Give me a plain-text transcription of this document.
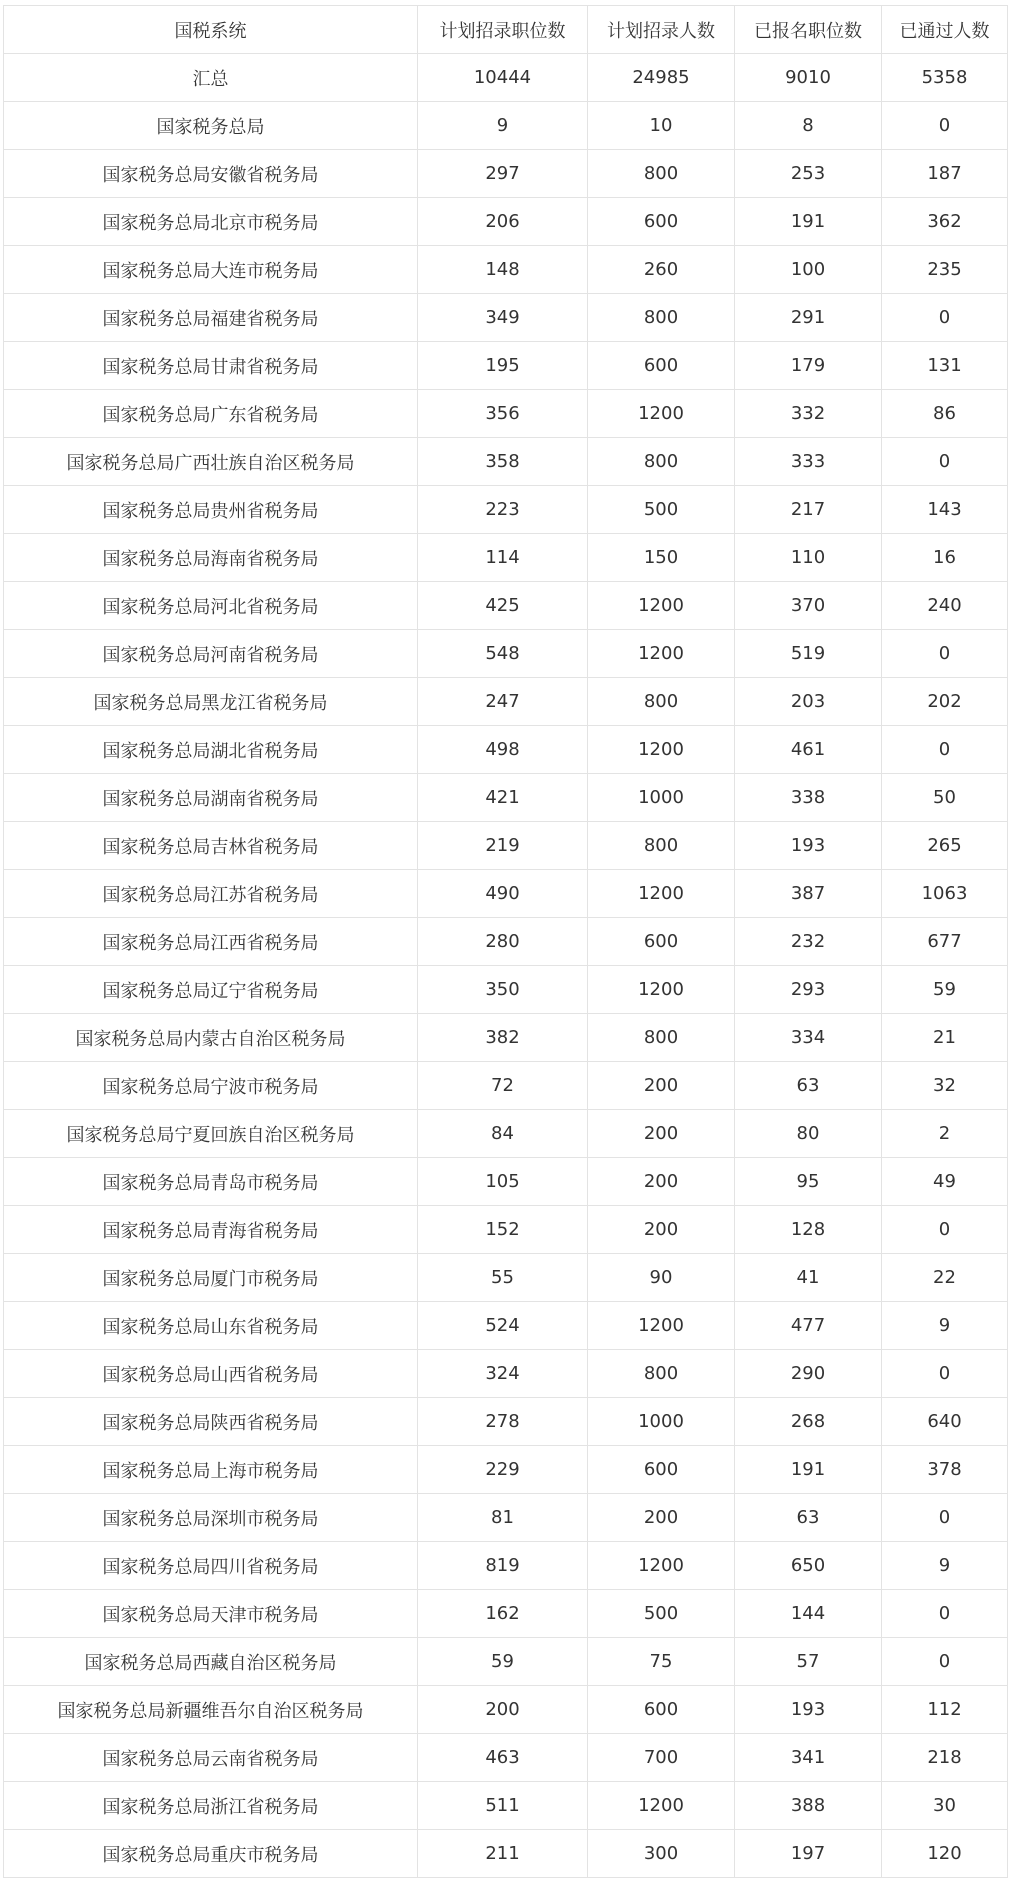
国税系统	计划招录职位数	计划招录人数	已报名职位数	已通过人数
汇总	10444	24985	9010	5358
国家税务总局	9	10	8	0
国家税务总局安徽省税务局	297	800	253	187
国家税务总局北京市税务局	206	600	191	362
国家税务总局大连市税务局	148	260	100	235
国家税务总局福建省税务局	349	800	291	0
国家税务总局甘肃省税务局	195	600	179	131
国家税务总局广东省税务局	356	1200	332	86
国家税务总局广西壮族自治区税务局	358	800	333	0
国家税务总局贵州省税务局	223	500	217	143
国家税务总局海南省税务局	114	150	110	16
国家税务总局河北省税务局	425	1200	370	240
国家税务总局河南省税务局	548	1200	519	0
国家税务总局黑龙江省税务局	247	800	203	202
国家税务总局湖北省税务局	498	1200	461	0
国家税务总局湖南省税务局	421	1000	338	50
国家税务总局吉林省税务局	219	800	193	265
国家税务总局江苏省税务局	490	1200	387	1063
国家税务总局江西省税务局	280	600	232	677
国家税务总局辽宁省税务局	350	1200	293	59
国家税务总局内蒙古自治区税务局	382	800	334	21
国家税务总局宁波市税务局	72	200	63	32
国家税务总局宁夏回族自治区税务局	84	200	80	2
国家税务总局青岛市税务局	105	200	95	49
国家税务总局青海省税务局	152	200	128	0
国家税务总局厦门市税务局	55	90	41	22
国家税务总局山东省税务局	524	1200	477	9
国家税务总局山西省税务局	324	800	290	0
国家税务总局陕西省税务局	278	1000	268	640
国家税务总局上海市税务局	229	600	191	378
国家税务总局深圳市税务局	81	200	63	0
国家税务总局四川省税务局	819	1200	650	9
国家税务总局天津市税务局	162	500	144	0
国家税务总局西藏自治区税务局	59	75	57	0
国家税务总局新疆维吾尔自治区税务局	200	600	193	112
国家税务总局云南省税务局	463	700	341	218
国家税务总局浙江省税务局	511	1200	388	30
国家税务总局重庆市税务局	211	300	197	120
